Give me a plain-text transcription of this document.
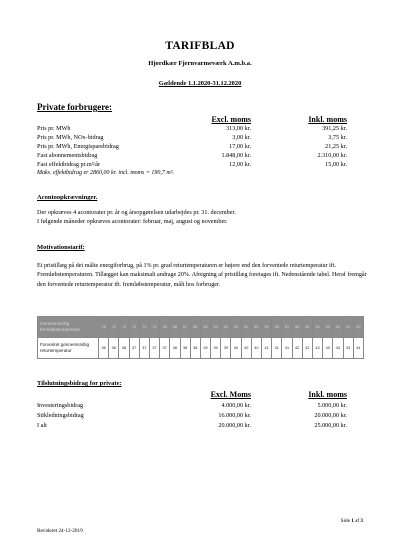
TARIFBLAD
Hjordkær Fjernvarmeværk A.m.b.a.
Gældende 1.1.2020-31.12.2020
Private forbrugere:
Excl. moms	Inkl. moms
Pris pr. MWh	313,00 kr.	391,25 kr.
Pris pr. MWh, NOx-bidrag	3,00 kr.	3,75 kr.
Pris pr. MWh, Energisparebidrag	17,00 kr.	21,25 kr.
Fast abonnementsbidrag	1.848,00 kr.	2.310,00 kr.
Fast effektbidrag pr.m²/år	12,00 kr.	15,00 kr.
Maks. effektbidrag er 2860,00 kr. incl. moms = 190,7 m².
Acontoopkrævninger.
Der opkræves 4 acontorater pr. år og årsopgørelsen udarbejdes pr. 31. december.
I følgende måneder opkræves acontorater: februar, maj, august og november.
Motivationstarif:
Et pristillæg på det målte energiforbrug, på 1% pr. grad returtemperaturen er højere end den forventede returtemperatur ift. Fremløbstemperaturen. Tillægget kan maksimalt andrage 20%. Afregning af pristillæg foretages ift. Nedenstående tabel. Heraf fremgår den forventede returtemperatur ift. fremløbstemperatur, målt hos forbruger.
Gennemsnitlig fremløbstemperatur	76	74	73	72	71	70	69	68	67	66	65	64	63	62	61	60	59	58	57	56	55	54	53	52	51	50
Forventet gennemsnitlig returtemperatur	36	36	36	37	37	37	37	38	38	38	39	39	39	40	40	40	41	41	41	42	42	43	43	43	43	44
Tilslutningsbidrag for private:
Excl. Moms	Inkl. moms
Investeringsbidrag	4.000,00 kr.	5.000,00 kr.
Stikledningsbidrag	16.000,00 kr.	20.000,00 kr.
I alt	20.000,00 kr.	25.000,00 kr.
Side 1 af 3
Revideret 24-12-2019
